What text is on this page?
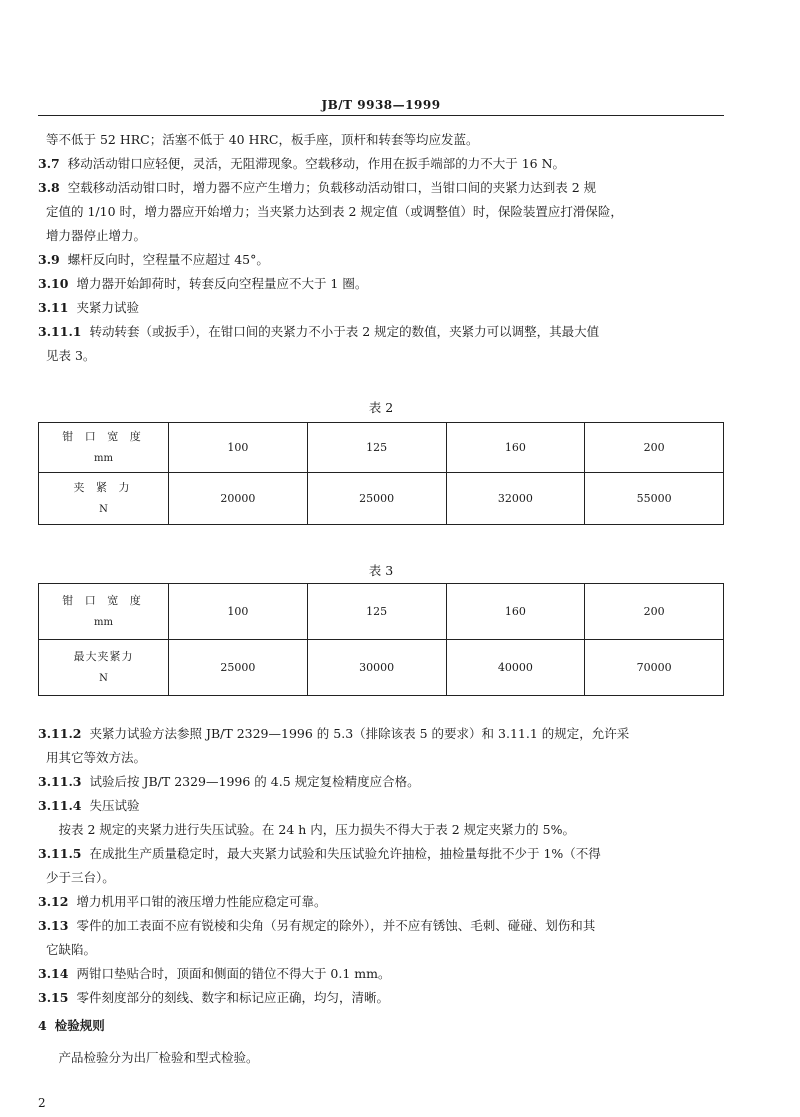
JB/T 9938—1999

等不低于 52 HRC；活塞不低于 40 HRC，板手座，顶杆和转套等均应发蓝。

3.7 移动活动钳口应轻便，灵活，无阻滞现象。空载移动，作用在扳手端部的力不大于 16 N。

3.8 空载移动活动钳口时，增力器不应产生增力；负载移动活动钳口，当钳口间的夹紧力达到表 2 规

定值的 1/10 时，增力器应开始增力；当夹紧力达到表 2 规定值（或调整值）时，保险装置应打滑保险，

增力器停止增力。

3.9 螺杆反向时，空程量不应超过 45°。

3.10 增力器开始卸荷时，转套反向空程量应不大于 1 圈。

3.11 夹紧力试验

3.11.1 转动转套（或扳手），在钳口间的夹紧力不小于表 2 规定的数值，夹紧力可以调整，其最大值

见表 3。

表 2
钳 口 宽 度
mm	100	125	160	200

夹 紧 力
N	20000	25000	32000	55000
表 3
钳 口 宽 度
mm	100	125	160	200

最大夹紧力
N	25000	30000	40000	70000

3.11.2 夹紧力试验方法参照 JB/T 2329—1996 的 5.3（排除该表 5 的要求）和 3.11.1 的规定，允许采

用其它等效方法。

3.11.3 试验后按 JB/T 2329—1996 的 4.5 规定复检精度应合格。

3.11.4 失压试验

　按表 2 规定的夹紧力进行失压试验。在 24 h 内，压力损失不得大于表 2 规定夹紧力的 5%。

3.11.5 在成批生产质量稳定时，最大夹紧力试验和失压试验允许抽检，抽检量每批不少于 1%（不得

少于三台）。

3.12 增力机用平口钳的液压增力性能应稳定可靠。

3.13 零件的加工表面不应有锐棱和尖角（另有规定的除外），并不应有锈蚀、毛刺、碰碰、划伤和其

它缺陷。

3.14 两钳口垫贴合时，顶面和侧面的错位不得大于 0.1 mm。

3.15 零件刻度部分的刻线、数字和标记应正确，均匀，清晰。

4 检验规则

　产品检验分为出厂检验和型式检验。

2
